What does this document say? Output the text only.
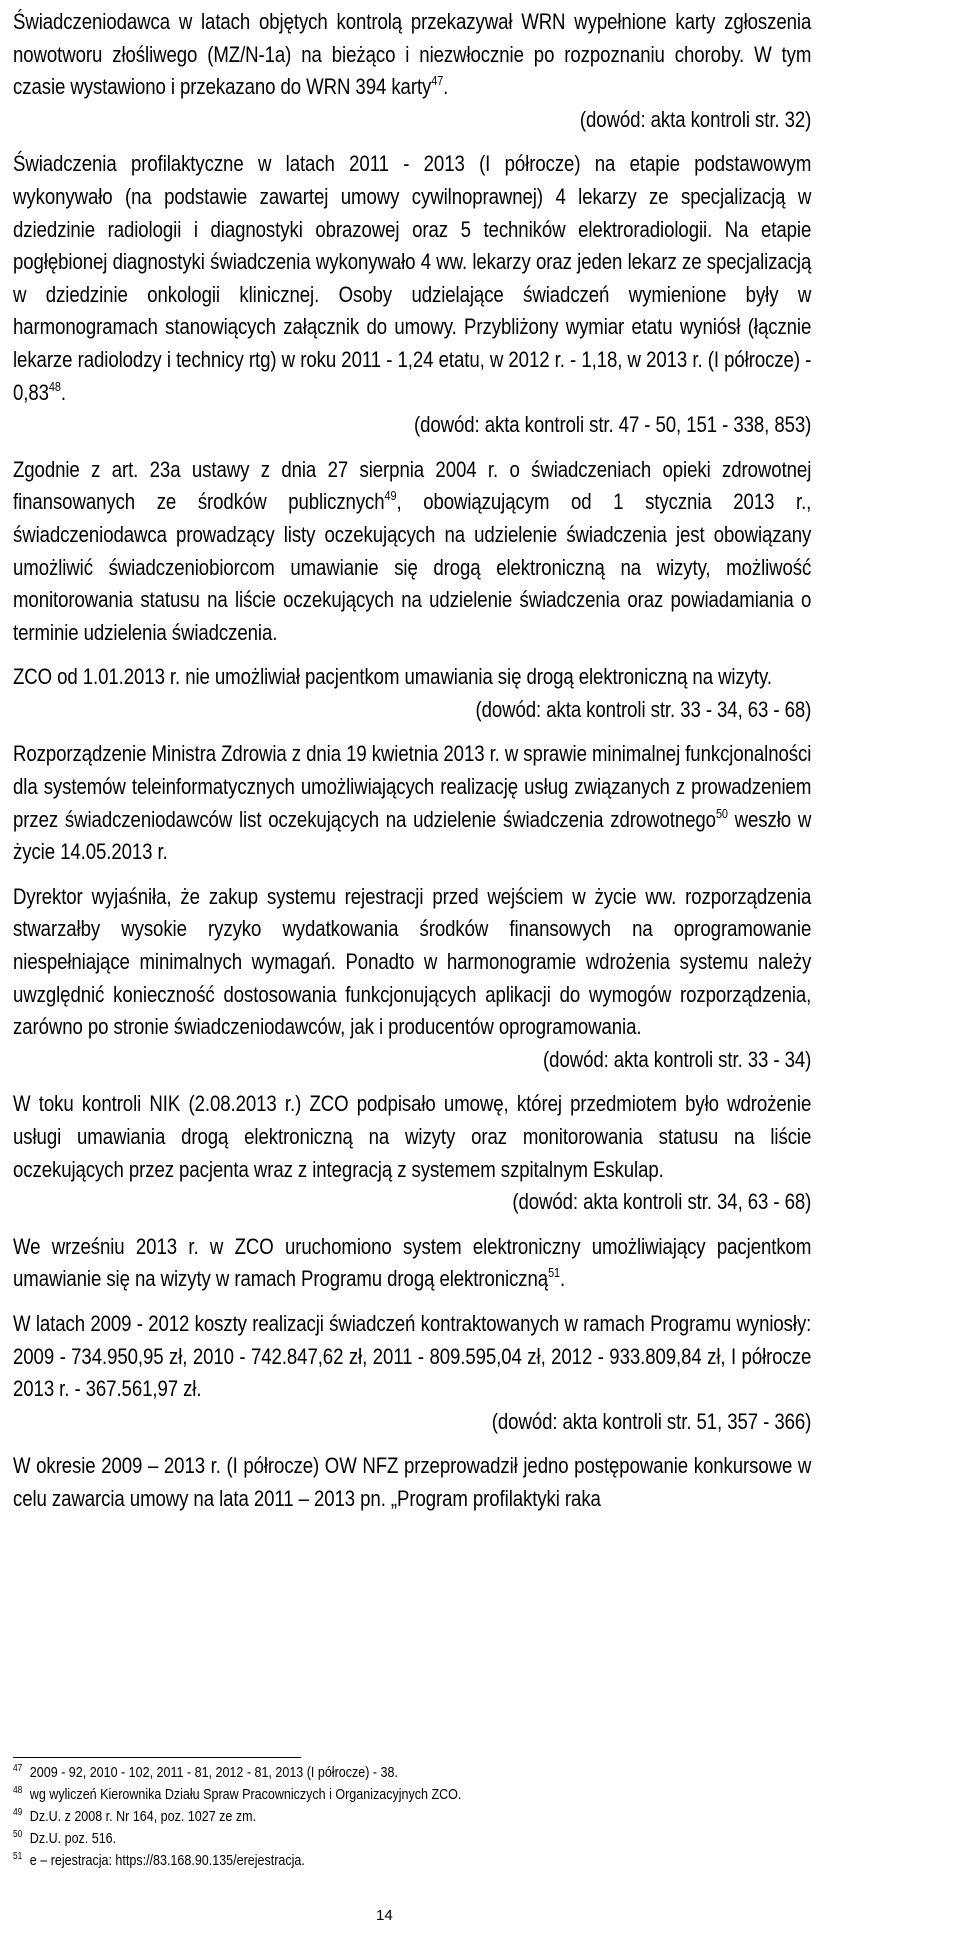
Świadczeniodawca w latach objętych kontrolą przekazywał WRN wypełnione karty zgłoszenia nowotworu złośliwego (MZ/N-1a) na bieżąco i niezwłocznie po rozpoznaniu choroby. W tym czasie wystawiono i przekazano do WRN 394 karty$^{47}$.

(dowód: akta kontroli str. 32)

Świadczenia profilaktyczne w latach 2011 - 2013 (I półrocze) na etapie podstawowym wykonywało (na podstawie zawartej umowy cywilnoprawnej) 4 lekarzy ze specjalizacją w dziedzinie radiologii i diagnostyki obrazowej oraz 5 techników elektroradiologii. Na etapie pogłębionej diagnostyki świadczenia wykonywało 4 ww. lekarzy oraz jeden lekarz ze specjalizacją w dziedzinie onkologii klinicznej. Osoby udzielające świadczeń wymienione były w harmonogramach stanowiących załącznik do umowy. Przybliżony wymiar etatu wyniósł (łącznie lekarze radiolodzy i technicy rtg) w roku 2011 - 1,24 etatu, w 2012 r. - 1,18, w 2013 r. (I półrocze) - 0,83$^{48}$.

(dowód: akta kontroli str. 47 - 50, 151 - 338, 853)

Zgodnie z art. 23a ustawy z dnia 27 sierpnia 2004 r. o świadczeniach opieki zdrowotnej finansowanych ze środków publicznych$^{49}$, obowiązującym od 1 stycznia 2013 r., świadczeniodawca prowadzący listy oczekujących na udzielenie świadczenia jest obowiązany umożliwić świadczeniobiorcom umawianie się drogą elektroniczną na wizyty, możliwość monitorowania statusu na liście oczekujących na udzielenie świadczenia oraz powiadamiania o terminie udzielenia świadczenia.

ZCO od 1.01.2013 r. nie umożliwiał pacjentkom umawiania się drogą elektroniczną na wizyty.

(dowód: akta kontroli str. 33 - 34, 63 - 68)

Rozporządzenie Ministra Zdrowia z dnia 19 kwietnia 2013 r. w sprawie minimalnej funkcjonalności dla systemów teleinformatycznych umożliwiających realizację usług związanych z prowadzeniem przez świadczeniodawców list oczekujących na udzielenie świadczenia zdrowotnego$^{50}$ weszło w życie 14.05.2013 r.

Dyrektor wyjaśniła, że zakup systemu rejestracji przed wejściem w życie ww. rozporządzenia stwarzałby wysokie ryzyko wydatkowania środków finansowych na oprogramowanie niespełniające minimalnych wymagań. Ponadto w harmonogramie wdrożenia systemu należy uwzględnić konieczność dostosowania funkcjonujących aplikacji do wymogów rozporządzenia, zarówno po stronie świadczeniodawców, jak i producentów oprogramowania.

(dowód: akta kontroli str. 33 - 34)

W toku kontroli NIK (2.08.2013 r.) ZCO podpisało umowę, której przedmiotem było wdrożenie usługi umawiania drogą elektroniczną na wizyty oraz monitorowania statusu na liście oczekujących przez pacjenta wraz z integracją z systemem szpitalnym Eskulap.

(dowód: akta kontroli str. 34, 63 - 68)

We wrześniu 2013 r. w ZCO uruchomiono system elektroniczny umożliwiający pacjentkom umawianie się na wizyty w ramach Programu drogą elektroniczną$^{51}$.

W latach 2009 - 2012 koszty realizacji świadczeń kontraktowanych w ramach Programu wyniosły: 2009 - 734.950,95 zł, 2010 - 742.847,62 zł, 2011 - 809.595,04 zł, 2012 - 933.809,84 zł, I półrocze 2013 r. - 367.561,97 zł.

(dowód: akta kontroli str. 51, 357 - 366)

W okresie 2009 – 2013 r. (I półrocze) OW NFZ przeprowadził jedno postępowanie konkursowe w celu zawarcia umowy na lata 2011 – 2013 pn. „Program profilaktyki raka

$^{47}$ 2009 - 92, 2010 - 102, 2011 - 81, 2012 - 81, 2013 (I półrocze) - 38.

$^{48}$ wg wyliczeń Kierownika Działu Spraw Pracowniczych i Organizacyjnych ZCO.

$^{49}$ Dz.U. z 2008 r. Nr 164, poz. 1027 ze zm.

$^{50}$ Dz.U. poz. 516.

$^{51}$ e – rejestracja: https://83.168.90.135/erejestracja.

14
